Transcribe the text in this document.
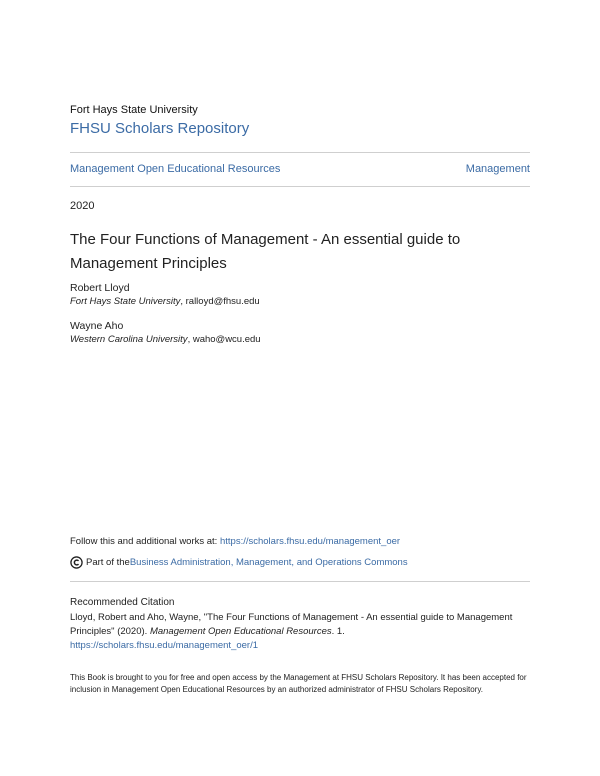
Fort Hays State University
FHSU Scholars Repository
Management Open Educational Resources	Management
2020
The Four Functions of Management - An essential guide to Management Principles
Robert Lloyd
Fort Hays State University, ralloyd@fhsu.edu
Wayne Aho
Western Carolina University, waho@wcu.edu
Follow this and additional works at: https://scholars.fhsu.edu/management_oer
Part of the Business Administration, Management, and Operations Commons
Recommended Citation
Lloyd, Robert and Aho, Wayne, "The Four Functions of Management - An essential guide to Management Principles" (2020). Management Open Educational Resources. 1.
https://scholars.fhsu.edu/management_oer/1
This Book is brought to you for free and open access by the Management at FHSU Scholars Repository. It has been accepted for inclusion in Management Open Educational Resources by an authorized administrator of FHSU Scholars Repository.
